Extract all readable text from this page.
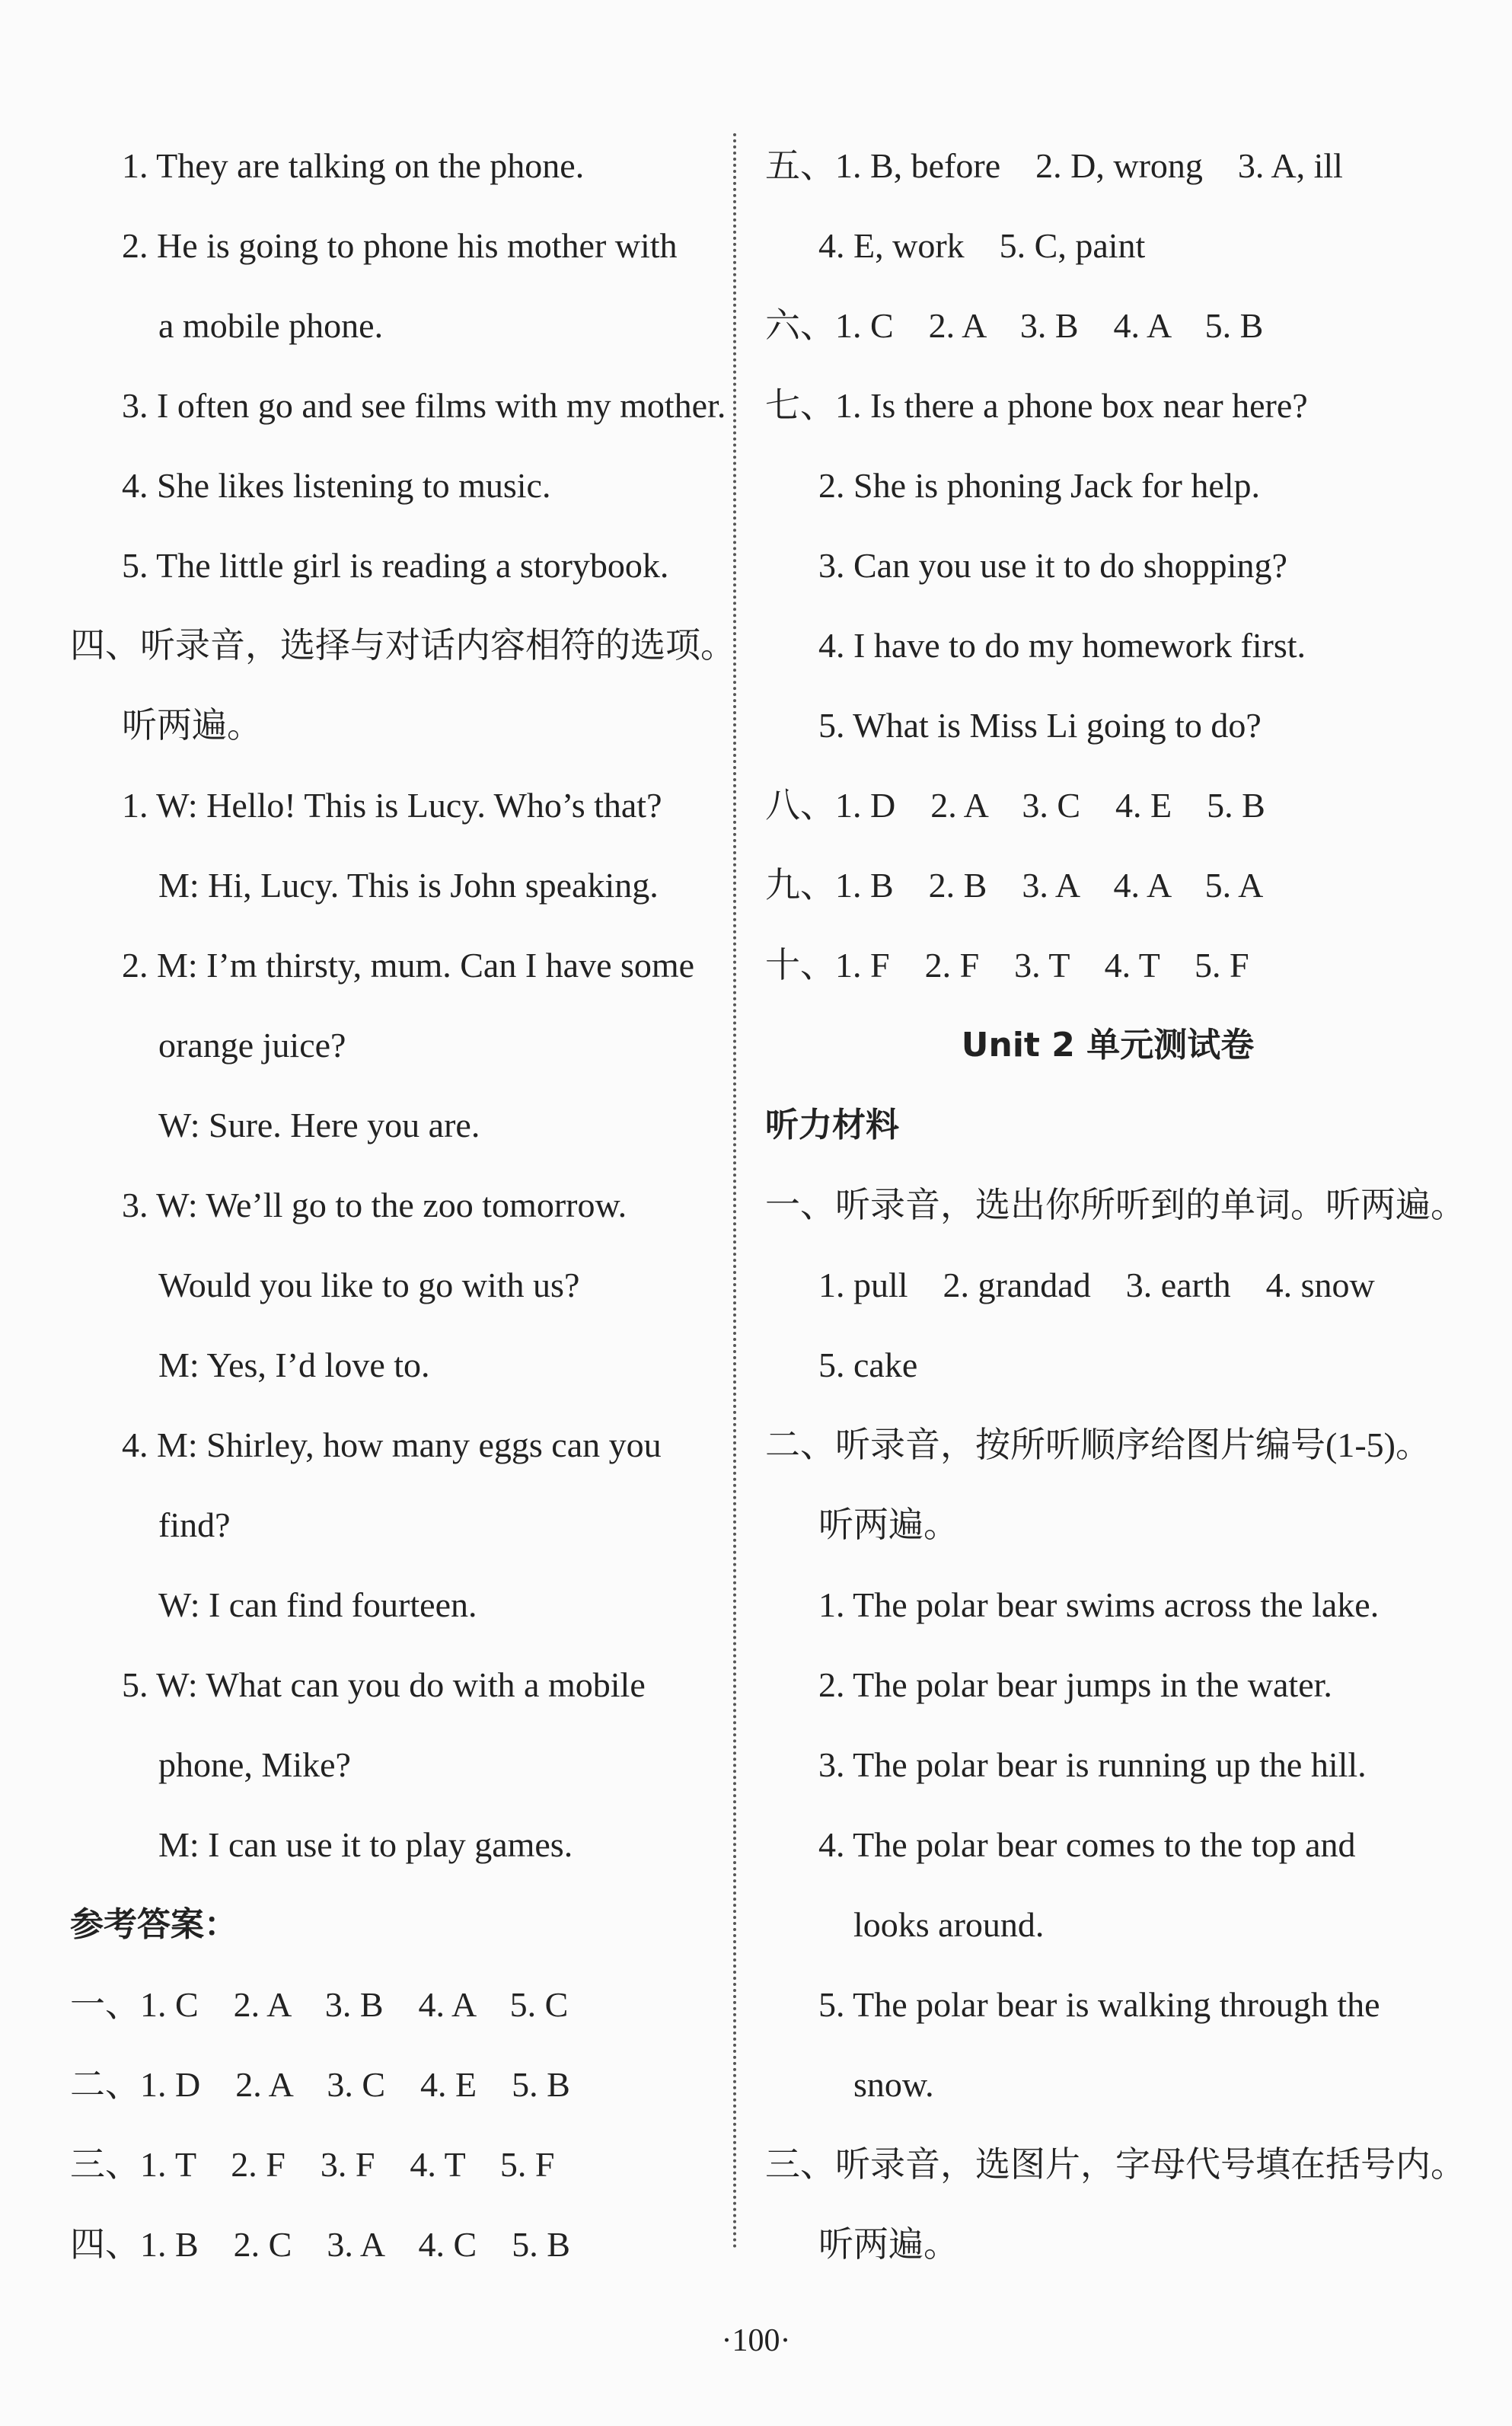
1. They are talking on the phone.
2. He is going to phone his mother with
a mobile phone.
3. I often go and see films with my mother.
4. She likes listening to music.
5. The little girl is reading a storybook.
四、听录音，选择与对话内容相符的选项。
听两遍。
1. W: Hello! This is Lucy. Who’s that?
M: Hi, Lucy. This is John speaking.
2. M: I’m thirsty, mum. Can I have some
orange juice?
W: Sure. Here you are.
3. W: We’ll go to the zoo tomorrow.
Would you like to go with us?
M: Yes, I’d love to.
4. M: Shirley, how many eggs can you
find?
W: I can find fourteen.
5. W: What can you do with a mobile
phone, Mike?
M: I can use it to play games.
参考答案：
一、1. C　2. A　3. B　4. A　5. C
二、1. D　2. A　3. C　4. E　5. B
三、1. T　2. F　3. F　4. T　5. F
四、1. B　2. C　3. A　4. C　5. B
五、1. B, before　2. D, wrong　3. A, ill
4. E, work　5. C, paint
六、1. C　2. A　3. B　4. A　5. B
七、1. Is there a phone box near here?
2. She is phoning Jack for help.
3. Can you use it to do shopping?
4. I have to do my homework first.
5. What is Miss Li going to do?
八、1. D　2. A　3. C　4. E　5. B
九、1. B　2. B　3. A　4. A　5. A
十、1. F　2. F　3. T　4. T　5. F
Unit 2 单元测试卷
听力材料
一、听录音，选出你所听到的单词。听两遍。
1. pull　2. grandad　3. earth　4. snow
5. cake
二、听录音，按所听顺序给图片编号(1-5)。
听两遍。
1. The polar bear swims across the lake.
2. The polar bear jumps in the water.
3. The polar bear is running up the hill.
4. The polar bear comes to the top and
looks around.
5. The polar bear is walking through the
snow.
三、听录音，选图片，字母代号填在括号内。
听两遍。
·100·
